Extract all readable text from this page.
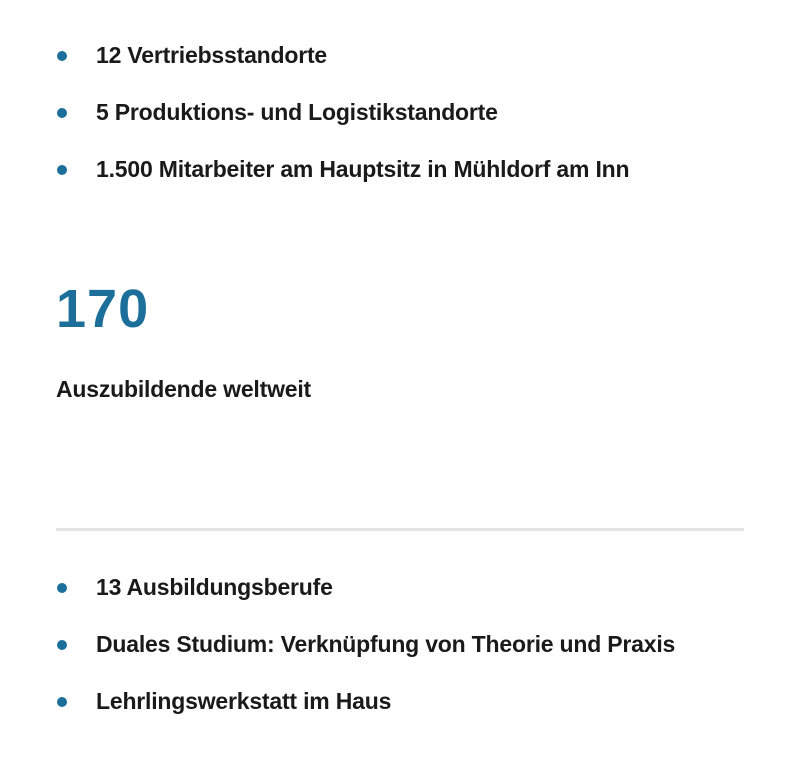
12 Vertriebsstandorte
5 Produktions- und Logistikstandorte
1.500 Mitarbeiter am Hauptsitz in Mühldorf am Inn
170
Auszubildende weltweit
13 Ausbildungsberufe
Duales Studium: Verknüpfung von Theorie und Praxis
Lehrlingswerkstatt im Haus
